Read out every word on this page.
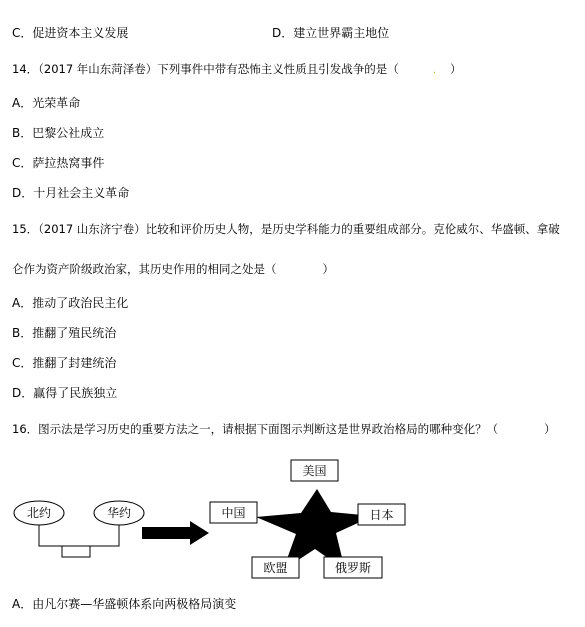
C．促进资本主义发展	D．建立世界霸主地位
14．（2017 年山东菏泽卷）下列事件中带有恐怖主义性质且引发战争的是（	. ）
A．光荣革命
B．巴黎公社成立
C．萨拉热窝事件
D．十月社会主义革命
15．（2017 山东济宁卷）比较和评价历史人物，是历史学科能力的重要组成部分。克伦威尔、华盛顿、拿破
仑作为资产阶级政治家，其历史作用的相同之处是（　　　　）
A．推动了政治民主化
B．推翻了殖民统治
C．推翻了封建统治
D．赢得了民族独立
16．图示法是学习历史的重要方法之一，请根据下面图示判断这是世界政治格局的哪种变化？（　　　　）
北约	华约
美国
中国	日本
欧盟	俄罗斯
A．由凡尔赛—华盛顿体系向两极格局演变
